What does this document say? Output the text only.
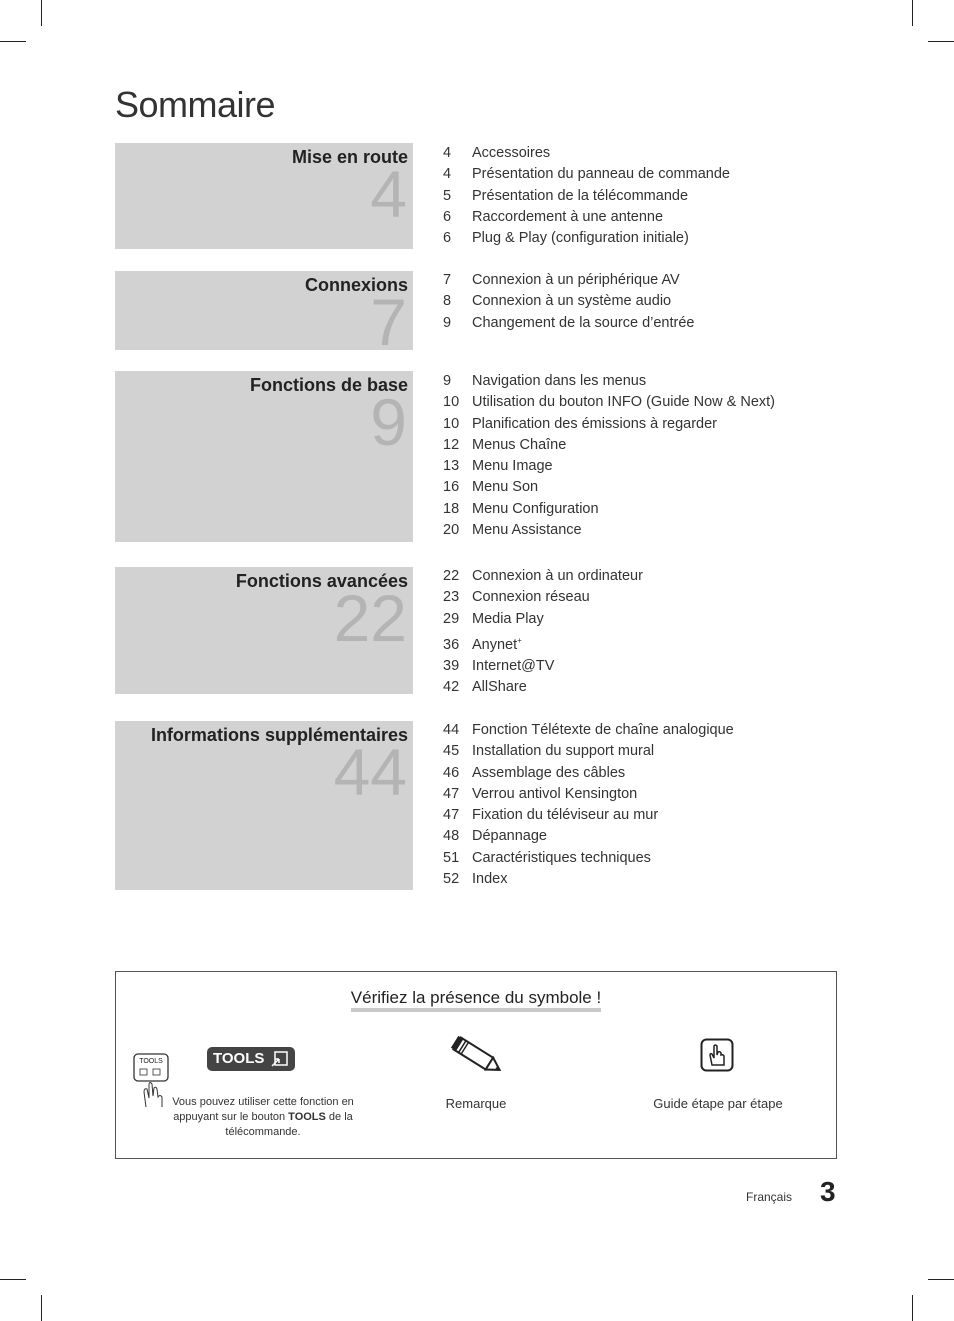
Sommaire
Mise en route
4
4 Accessoires
4 Présentation du panneau de commande
5 Présentation de la télécommande
6 Raccordement à une antenne
6 Plug & Play (configuration initiale)
Connexions
7
7 Connexion à un périphérique AV
8 Connexion à un système audio
9 Changement de la source d’entrée
Fonctions de base
9
9 Navigation dans les menus
10 Utilisation du bouton INFO (Guide Now & Next)
10 Planification des émissions à regarder
12 Menus Chaîne
13 Menu Image
16 Menu Son
18 Menu Configuration
20 Menu Assistance
Fonctions avancées
22
22 Connexion à un ordinateur
23 Connexion réseau
29 Media Play
36 Anynet+
39 Internet@TV
42 AllShare
Informations supplémentaires
44
44 Fonction Télétexte de chaîne analogique
45 Installation du support mural
46 Assemblage des câbles
47 Verrou antivol Kensington
47 Fixation du téléviseur au mur
48 Dépannage
51 Caractéristiques techniques
52 Index
Vérifiez la présence du symbole !
TOOLS	TOOLS
Vous pouvez utiliser cette fonction en appuyant sur le bouton TOOLS de la télécommande.
Remarque	Guide étape par étape
Français 3
